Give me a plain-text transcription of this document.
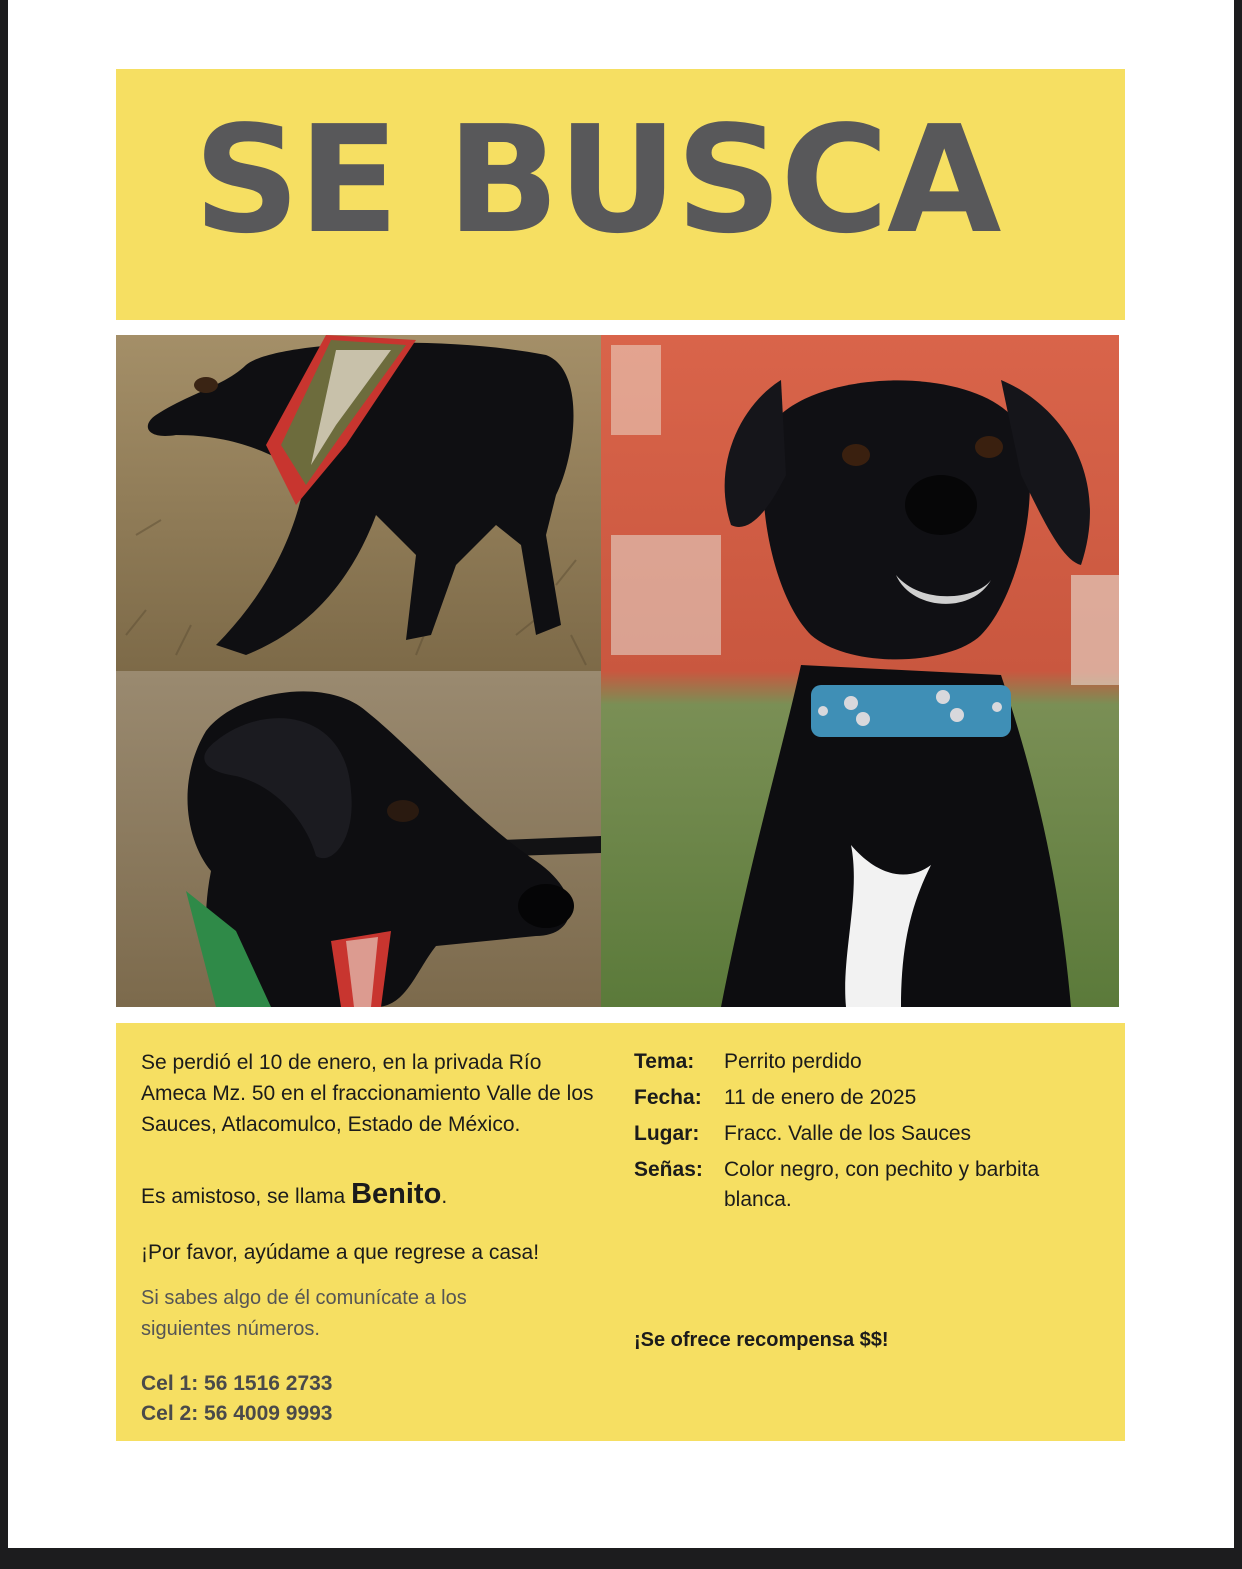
SE BUSCA

Se perdió el 10 de enero, en la privada Río Ameca Mz. 50 en el fraccionamiento Valle de los Sauces, Atlacomulco, Estado de México.

Es amistoso, se llama Benito.

¡Por favor, ayúdame a que regrese a casa!

Si sabes algo de él comunícate a los siguientes números.

Cel 1: 56 1516 2733
Cel 2: 56 4009 9993
Tema: Perrito perdido
Fecha: 11 de enero de 2025
Lugar: Fracc. Valle de los Sauces
Señas: Color negro, con pechito y barbita blanca.
¡Se ofrece recompensa $$!
